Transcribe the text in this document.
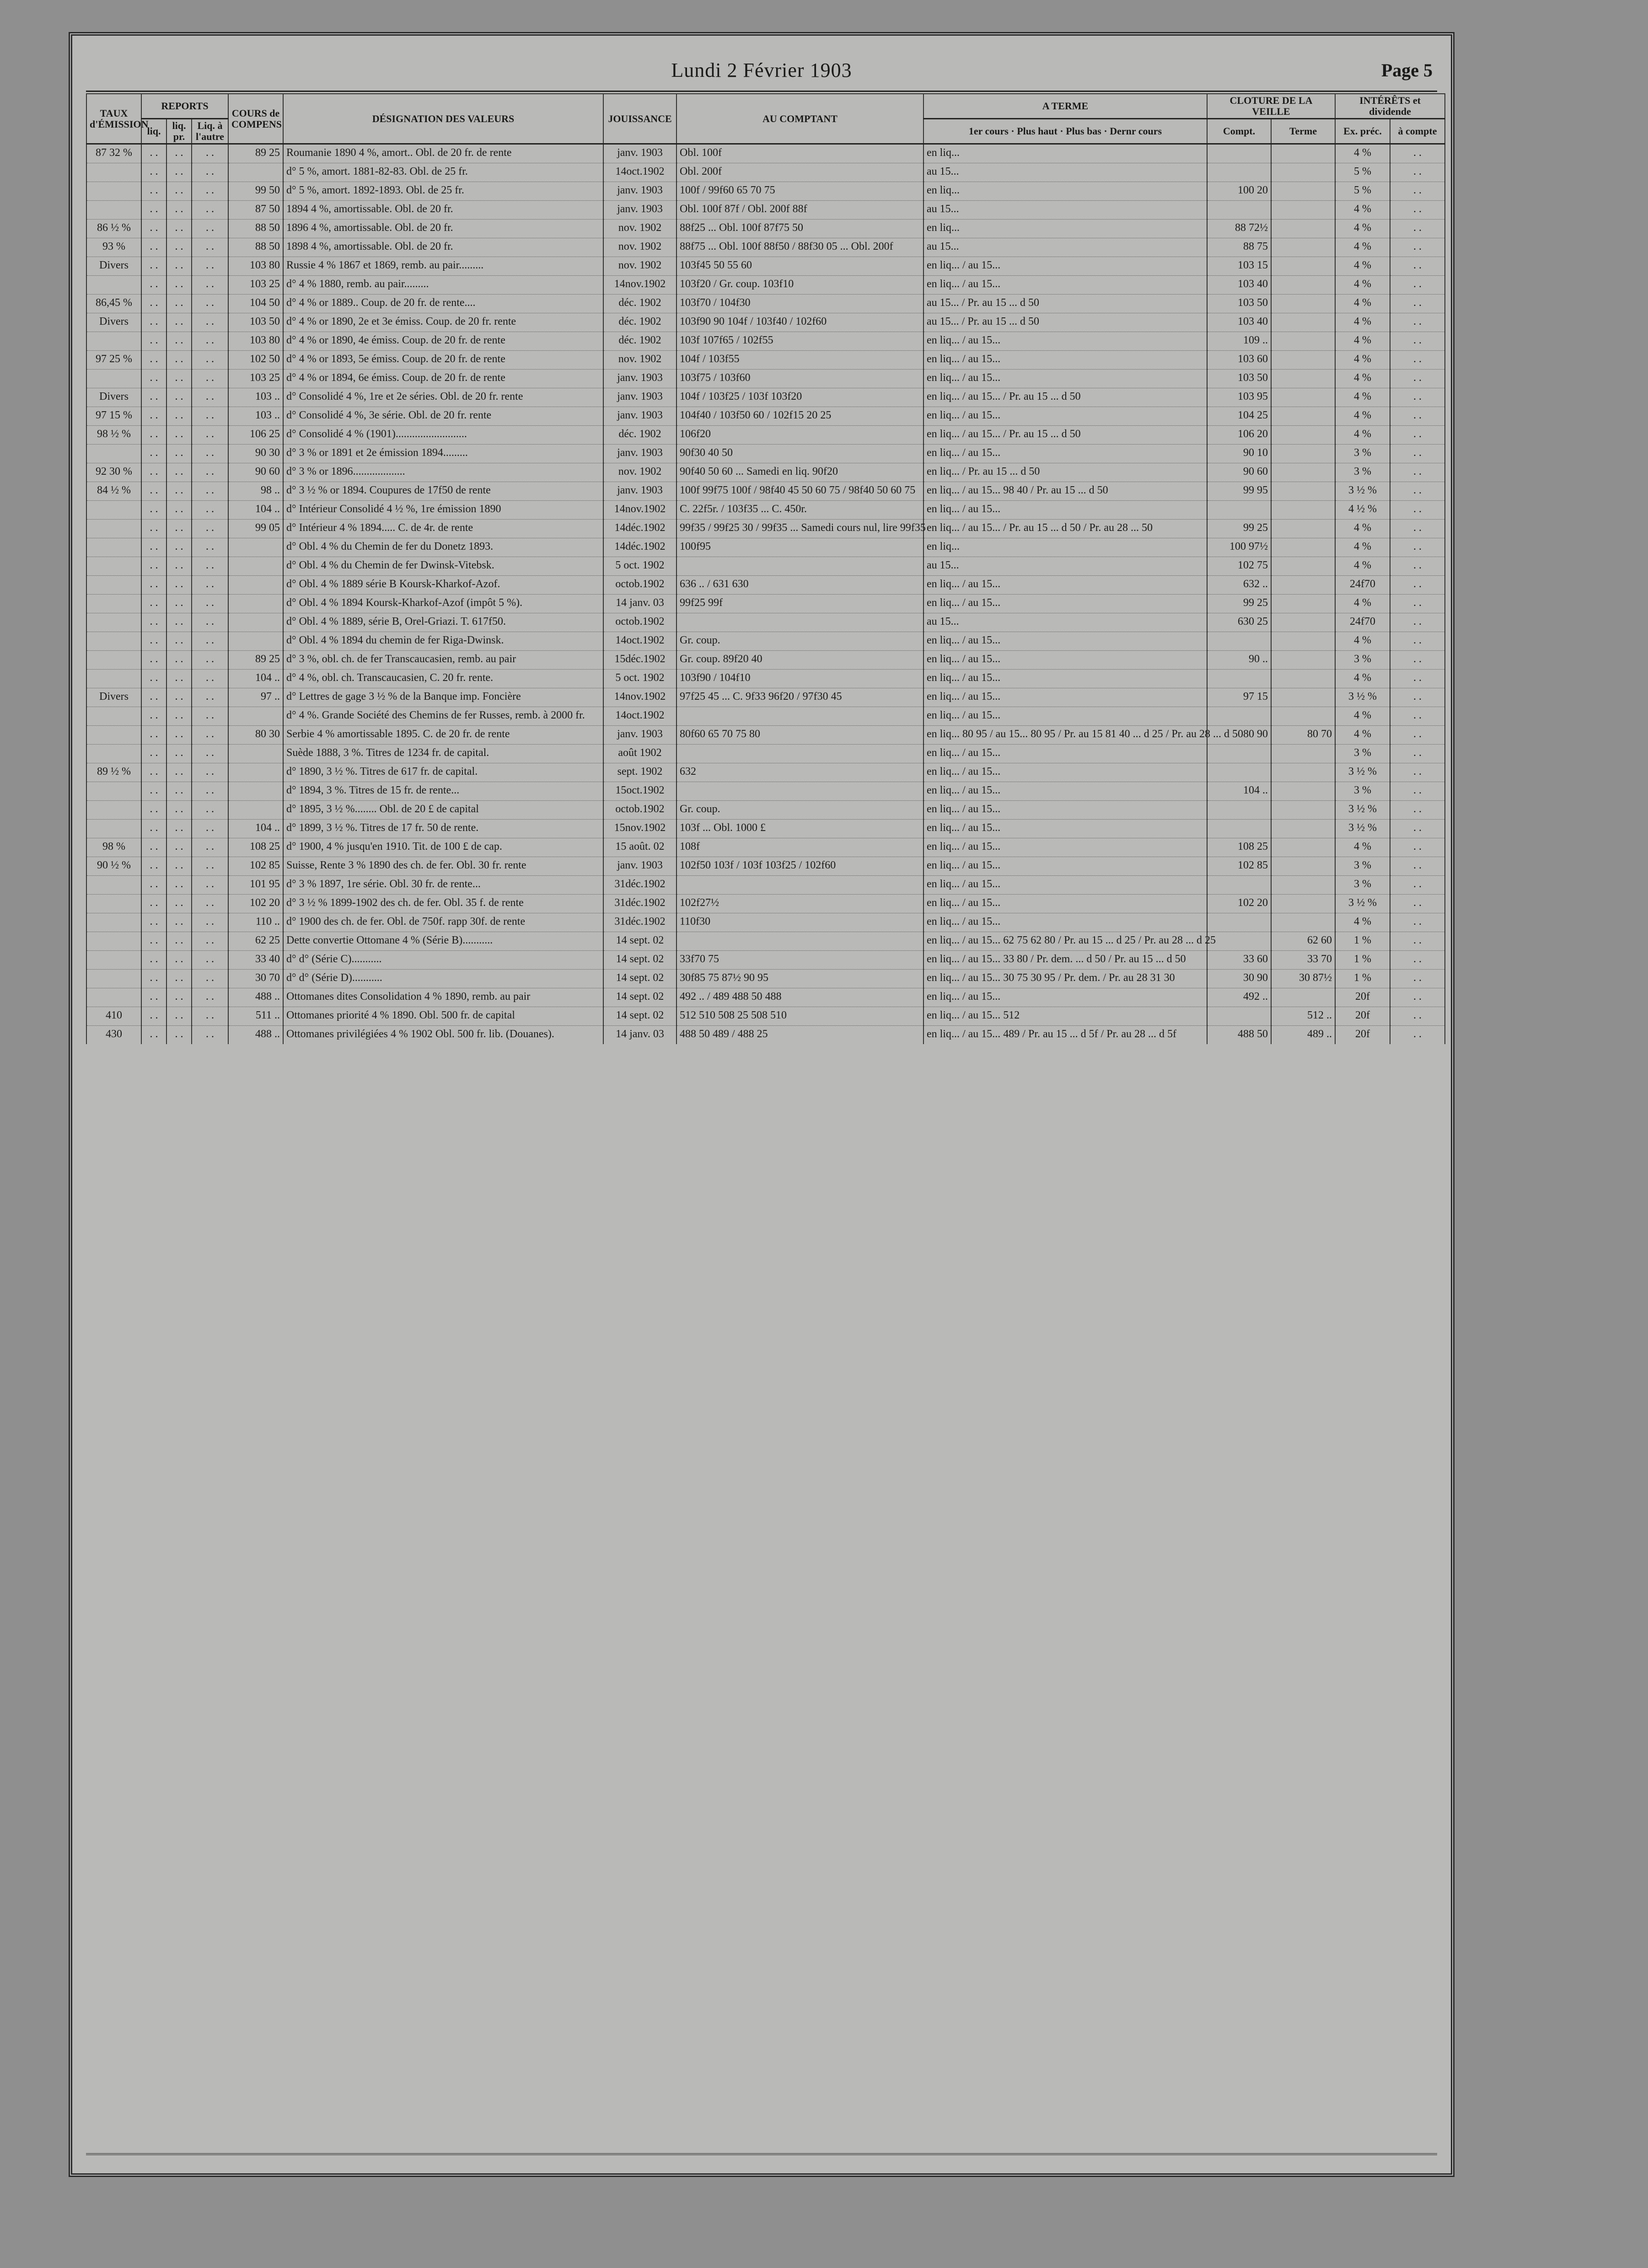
Lundi 2 Février 1903	Page 5
TAUX d'ÉMISSION	REPORTS			COURS de COMPENS	DÉSIGNATION DES VALEURS	JOUISSANCE	AU COMPTANT	A TERME	CLOTURE DE LA VEILLE		INTÉRÊTS et dividende	
	liq.	liq. pr.	Liq. à l'autre					1er cours · Plus haut · Plus bas · Dernr cours	Compt.	Terme	Ex. préc.	à compte
87 32 %	. .	. .	. .	89 25	Roumanie 1890 4 %, amort.. Obl. de 20 fr. de rente	janv. 1903	Obl. 100f	en liq...			4 %	. .
	. .	. .	. .		d° 5 %, amort. 1881-82-83. Obl. de 25 fr.	14oct.1902	Obl. 200f	au 15...			5 %	. .
	. .	. .	. .	99 50	d° 5 %, amort. 1892-1893. Obl. de 25 fr.	janv. 1903	100f / 99f60 65 70 75	en liq...	100 20		5 %	. .
	. .	. .	. .	87 50	1894 4 %, amortissable. Obl. de 20 fr.	janv. 1903	Obl. 100f 87f / Obl. 200f 88f	au 15...			4 %	. .
86 ½ %	. .	. .	. .	88 50	1896 4 %, amortissable. Obl. de 20 fr.	nov. 1902	88f25 ... Obl. 100f 87f75 50	en liq...	88 72½		4 %	. .
93 %	. .	. .	. .	88 50	1898 4 %, amortissable. Obl. de 20 fr.	nov. 1902	88f75 ... Obl. 100f 88f50 / 88f30 05 ... Obl. 200f	au 15...	88 75		4 %	. .
Divers	. .	. .	. .	103 80	Russie 4 % 1867 et 1869, remb. au pair.........	nov. 1902	103f45 50 55 60	en liq... / au 15...	103 15		4 %	. .
	. .	. .	. .	103 25	d° 4 % 1880, remb. au pair.........	14nov.1902	103f20 / Gr. coup. 103f10	en liq... / au 15...	103 40		4 %	. .
86,45 %	. .	. .	. .	104 50	d° 4 % or 1889.. Coup. de 20 fr. de rente....	déc. 1902	103f70 / 104f30	au 15... / Pr. au 15 ... d 50	103 50		4 %	. .
Divers	. .	. .	. .	103 50	d° 4 % or 1890, 2e et 3e émiss. Coup. de 20 fr. rente	déc. 1902	103f90 90 104f / 103f40 / 102f60	au 15... / Pr. au 15 ... d 50	103 40		4 %	. .
	. .	. .	. .	103 80	d° 4 % or 1890, 4e émiss. Coup. de 20 fr. de rente	déc. 1902	103f 107f65 / 102f55	en liq... / au 15...	109 ..		4 %	. .
97 25 %	. .	. .	. .	102 50	d° 4 % or 1893, 5e émiss. Coup. de 20 fr. de rente	nov. 1902	104f / 103f55	en liq... / au 15...	103 60		4 %	. .
	. .	. .	. .	103 25	d° 4 % or 1894, 6e émiss. Coup. de 20 fr. de rente	janv. 1903	103f75 / 103f60	en liq... / au 15...	103 50		4 %	. .
Divers	. .	. .	. .	103 ..	d° Consolidé 4 %, 1re et 2e séries. Obl. de 20 fr. rente	janv. 1903	104f / 103f25 / 103f 103f20	en liq... / au 15... / Pr. au 15 ... d 50	103 95		4 %	. .
97 15 %	. .	. .	. .	103 ..	d° Consolidé 4 %, 3e série. Obl. de 20 fr. rente	janv. 1903	104f40 / 103f50 60 / 102f15 20 25	en liq... / au 15...	104 25		4 %	. .
98 ½ %	. .	. .	. .	106 25	d° Consolidé 4 % (1901)..........................	déc. 1902	106f20	en liq... / au 15... / Pr. au 15 ... d 50	106 20		4 %	. .
	. .	. .	. .	90 30	d° 3 % or 1891 et 2e émission 1894.........	janv. 1903	90f30 40 50	en liq... / au 15...	90 10		3 %	. .
92 30 %	. .	. .	. .	90 60	d° 3 % or 1896...................	nov. 1902	90f40 50 60 ... Samedi en liq. 90f20	en liq... / Pr. au 15 ... d 50	90 60		3 %	. .
84 ½ %	. .	. .	. .	98 ..	d° 3 ½ % or 1894. Coupures de 17f50 de rente	janv. 1903	100f 99f75 100f / 98f40 45 50 60 75 / 98f40 50 60 75	en liq... / au 15... 98 40 / Pr. au 15 ... d 50	99 95		3 ½ %	. .
	. .	. .	. .	104 ..	d° Intérieur Consolidé 4 ½ %, 1re émission 1890	14nov.1902	C. 22f5r. / 103f35 ... C. 450r.	en liq... / au 15...			4 ½ %	. .
	. .	. .	. .	99 05	d° Intérieur 4 % 1894..... C. de 4r. de rente	14déc.1902	99f35 / 99f25 30 / 99f35 ... Samedi cours nul, lire 99f35	en liq... / au 15... / Pr. au 15 ... d 50 / Pr. au 28 ... 50	99 25		4 %	. .
	. .	. .	. .		d° Obl. 4 % du Chemin de fer du Donetz 1893.	14déc.1902	100f95	en liq...	100 97½		4 %	. .
	. .	. .	. .		d° Obl. 4 % du Chemin de fer Dwinsk-Vitebsk.	5 oct. 1902		au 15...	102 75		4 %	. .
	. .	. .	. .		d° Obl. 4 % 1889 série B Koursk-Kharkof-Azof.	octob.1902	636 .. / 631 630	en liq... / au 15...	632 ..		24f70	. .
	. .	. .	. .		d° Obl. 4 % 1894 Koursk-Kharkof-Azof (impôt 5 %).	14 janv. 03	99f25 99f	en liq... / au 15...	99 25		4 %	. .
	. .	. .	. .		d° Obl. 4 % 1889, série B, Orel-Griazi. T. 617f50.	octob.1902		au 15...	630 25		24f70	. .
	. .	. .	. .		d° Obl. 4 % 1894 du chemin de fer Riga-Dwinsk.	14oct.1902	Gr. coup.	en liq... / au 15...			4 %	. .
	. .	. .	. .	89 25	d° 3 %, obl. ch. de fer Transcaucasien, remb. au pair	15déc.1902	Gr. coup. 89f20 40	en liq... / au 15...	90 ..		3 %	. .
	. .	. .	. .	104 ..	d° 4 %, obl. ch. Transcaucasien, C. 20 fr. rente.	5 oct. 1902	103f90 / 104f10	en liq... / au 15...			4 %	. .
Divers	. .	. .	. .	97 ..	d° Lettres de gage 3 ½ % de la Banque imp. Foncière	14nov.1902	97f25 45 ... C. 9f33 96f20 / 97f30 45	en liq... / au 15...	97 15		3 ½ %	. .
	. .	. .	. .		d° 4 %. Grande Société des Chemins de fer Russes, remb. à 2000 fr.	14oct.1902		en liq... / au 15...			4 %	. .
	. .	. .	. .	80 30	Serbie 4 % amortissable 1895. C. de 20 fr. de rente	janv. 1903	80f60 65 70 75 80	en liq... 80 95 / au 15... 80 95 / Pr. au 15 81 40 ... d 25 / Pr. au 28 ... d 50	80 90	80 70	4 %	. .
	. .	. .	. .		Suède 1888, 3 %. Titres de 1234 fr. de capital.	août 1902		en liq... / au 15...			3 %	. .
89 ½ %	. .	. .	. .		d° 1890, 3 ½ %. Titres de 617 fr. de capital.	sept. 1902	632	en liq... / au 15...			3 ½ %	. .
	. .	. .	. .		d° 1894, 3 %. Titres de 15 fr. de rente...	15oct.1902		en liq... / au 15...	104 ..		3 %	. .
	. .	. .	. .		d° 1895, 3 ½ %........ Obl. de 20 £ de capital	octob.1902	Gr. coup.	en liq... / au 15...			3 ½ %	. .
	. .	. .	. .	104 ..	d° 1899, 3 ½ %. Titres de 17 fr. 50 de rente.	15nov.1902	103f ... Obl. 1000 £	en liq... / au 15...			3 ½ %	. .
98 %	. .	. .	. .	108 25	d° 1900, 4 % jusqu'en 1910. Tit. de 100 £ de cap.	15 août. 02	108f	en liq... / au 15...	108 25		4 %	. .
90 ½ %	. .	. .	. .	102 85	Suisse, Rente 3 % 1890 des ch. de fer. Obl. 30 fr. rente	janv. 1903	102f50 103f / 103f 103f25 / 102f60	en liq... / au 15...	102 85		3 %	. .
	. .	. .	. .	101 95	d° 3 % 1897, 1re série. Obl. 30 fr. de rente...	31déc.1902		en liq... / au 15...			3 %	. .
	. .	. .	. .	102 20	d° 3 ½ % 1899-1902 des ch. de fer. Obl. 35 f. de rente	31déc.1902	102f27½	en liq... / au 15...	102 20		3 ½ %	. .
	. .	. .	. .	110 ..	d° 1900 des ch. de fer. Obl. de 750f. rapp 30f. de rente	31déc.1902	110f30	en liq... / au 15...			4 %	. .
	. .	. .	. .	62 25	Dette convertie Ottomane 4 % (Série B)...........	14 sept. 02		en liq... / au 15... 62 75 62 80 / Pr. au 15 ... d 25 / Pr. au 28 ... d 25		62 60	1 %	. .
	. .	. .	. .	33 40	d° d° (Série C)...........	14 sept. 02	33f70 75	en liq... / au 15... 33 80 / Pr. dem. ... d 50 / Pr. au 15 ... d 50	33 60	33 70	1 %	. .
	. .	. .	. .	30 70	d° d° (Série D)...........	14 sept. 02	30f85 75 87½ 90 95	en liq... / au 15... 30 75 30 95 / Pr. dem. / Pr. au 28 31 30	30 90	30 87½	1 %	. .
	. .	. .	. .	488 ..	Ottomanes dites Consolidation 4 % 1890, remb. au pair	14 sept. 02	492 .. / 489 488 50 488	en liq... / au 15...	492 ..		20f	. .
410	. .	. .	. .	511 ..	Ottomanes priorité 4 % 1890. Obl. 500 fr. de capital	14 sept. 02	512 510 508 25 508 510	en liq... / au 15... 512		512 ..	20f	. .
430	. .	. .	. .	488 ..	Ottomanes privilégiées 4 % 1902 Obl. 500 fr. lib. (Douanes).	14 janv. 03	488 50 489 / 488 25	en liq... / au 15... 489 / Pr. au 15 ... d 5f / Pr. au 28 ... d 5f	488 50	489 ..	20f	. .
